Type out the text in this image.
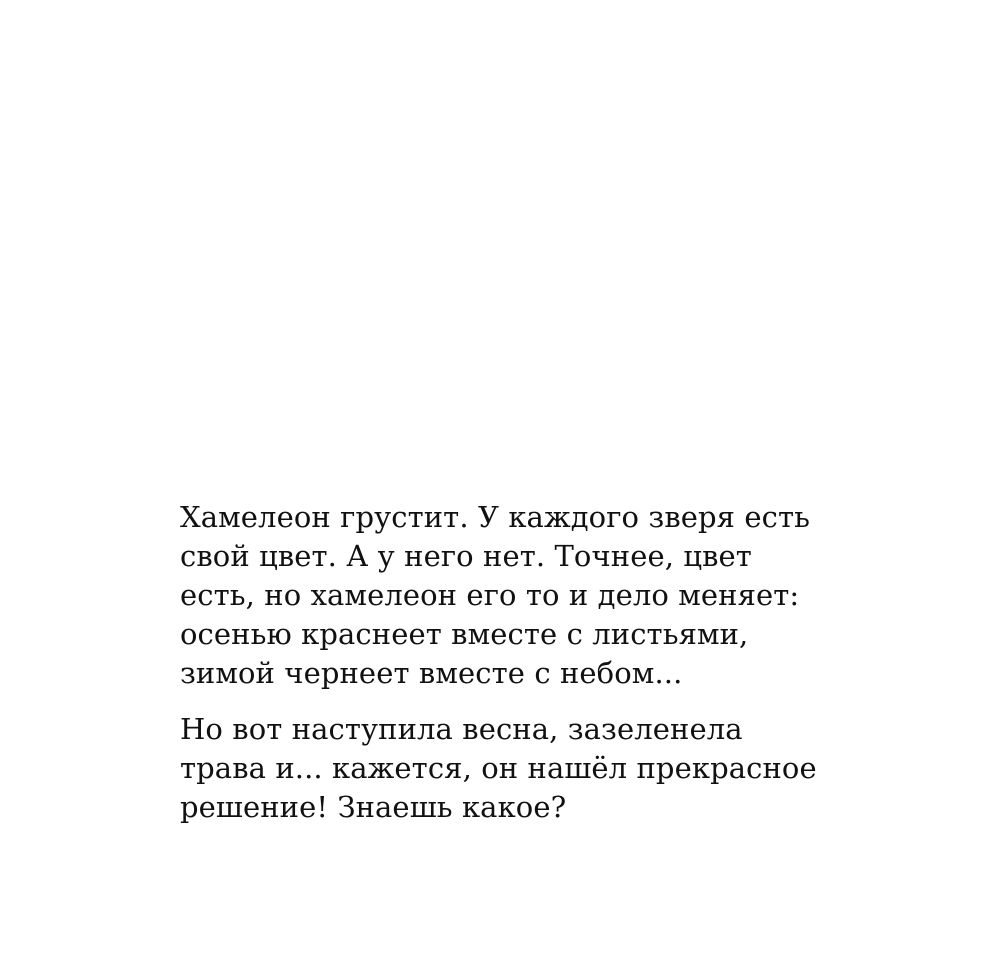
Хамелеон грустит. У каждого зверя есть
свой цвет. А у него нет. Точнее, цвет
есть, но хамелеон его то и дело меняет:
осенью краснеет вместе с листьями,
зимой чернеет вместе с небом...

Но вот наступила весна, зазеленела
трава и... кажется, он нашёл прекрасное
решение! Знаешь какое?
